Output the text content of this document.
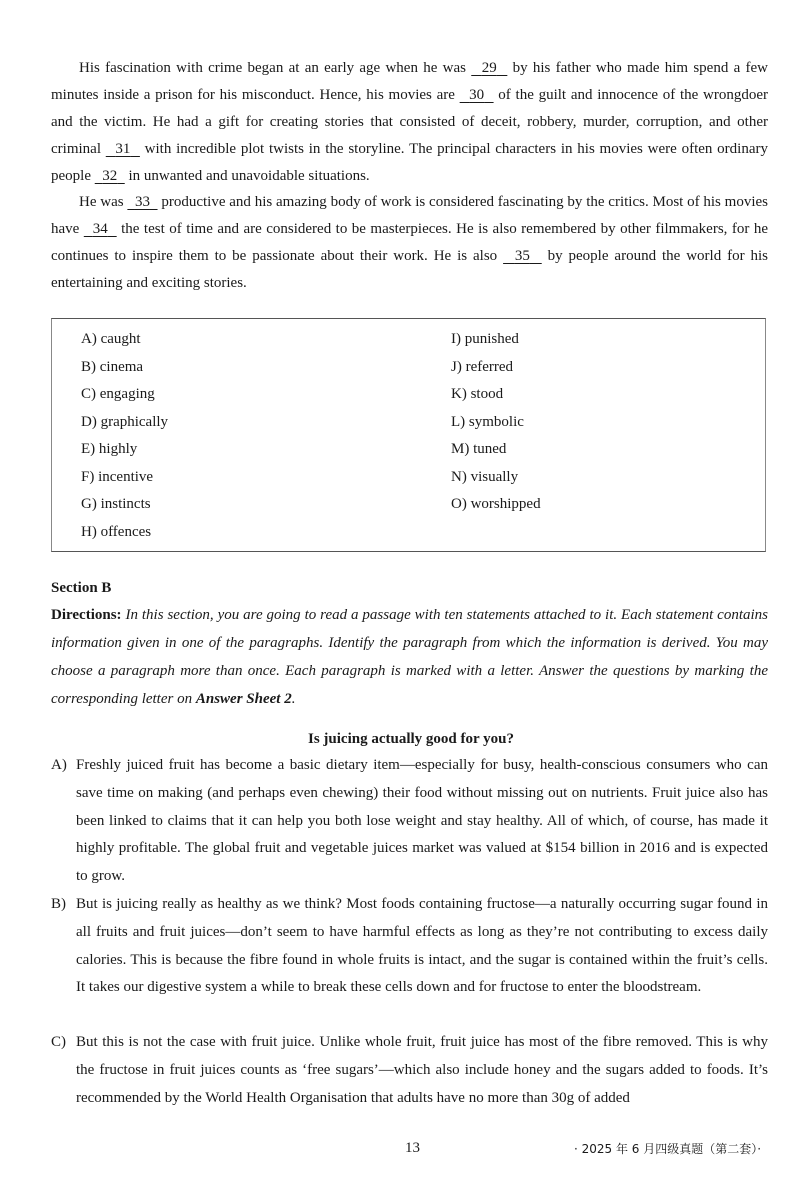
His fascination with crime began at an early age when he was   29   by his father who made him spend a few minutes inside a prison for his misconduct. Hence, his movies are   30   of the guilt and innocence of the wrongdoer and the victim. He had a gift for creating stories that consisted of deceit, robbery, murder, corruption, and other criminal   31   with incredible plot twists in the storyline. The principal characters in his movies were often ordinary people   32   in unwanted and unavoidable situations.

He was   33   productive and his amazing body of work is considered fascinating by the critics. Most of his movies have   34   the test of time and are considered to be masterpieces. He is also remembered by other filmmakers, for he continues to inspire them to be passionate about their work. He is also   35   by people around the world for his entertaining and exciting stories.

A) caught
B) cinema
C) engaging
D) graphically
E) highly
F) incentive
G) instincts
H) offences
I) punished
J) referred
K) stood
L) symbolic
M) tuned
N) visually
O) worshipped
Section B

Directions: In this section, you are going to read a passage with ten statements attached to it. Each statement contains information given in one of the paragraphs. Identify the paragraph from which the information is derived. You may choose a paragraph more than once. Each paragraph is marked with a letter. Answer the questions by marking the corresponding letter on Answer Sheet 2.

Is juicing actually good for you?

A) Freshly juiced fruit has become a basic dietary item—especially for busy, health-conscious consumers who can save time on making (and perhaps even chewing) their food without missing out on nutrients. Fruit juice also has been linked to claims that it can help you both lose weight and stay healthy. All of which, of course, has made it highly profitable. The global fruit and vegetable juices market was valued at $154 billion in 2016 and is expected to grow.

B) But is juicing really as healthy as we think? Most foods containing fructose—a naturally occurring sugar found in all fruits and fruit juices—don’t seem to have harmful effects as long as they’re not contributing to excess daily calories. This is because the fibre found in whole fruits is intact, and the sugar is contained within the fruit’s cells. It takes our digestive system a while to break these cells down and for fructose to enter the bloodstream.

C) But this is not the case with fruit juice. Unlike whole fruit, fruit juice has most of the fibre removed. This is why the fructose in fruit juices counts as ‘free sugars’—which also include honey and the sugars added to foods. It’s recommended by the World Health Organisation that adults have no more than 30g of added

13	· 2025 年 6 月四级真题（第二套）·
